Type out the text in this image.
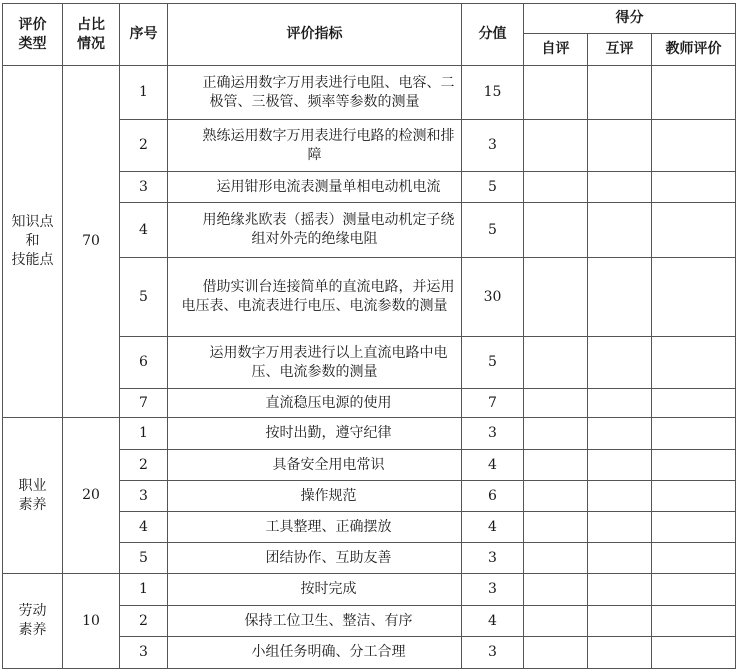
评价
类型	占比
情况	序号	评价指标	分值	得分		
					自评	互评	教师评价
知识点
和
技能点	70	1	正确运用数字万用表进行电阻、电容、二极管、三极管、频率等参数的测量	15			
		2	熟练运用数字万用表进行电路的检测和排障	3			
		3	运用钳形电流表测量单相电动机电流	5			
		4	用绝缘兆欧表（摇表）测量电动机定子绕组对外壳的绝缘电阻	5			
		5	借助实训台连接简单的直流电路，并运用电压表、电流表进行电压、电流参数的测量	30			
		6	运用数字万用表进行以上直流电路中电压、电流参数的测量	5			
		7	直流稳压电源的使用	7			
职业
素养	20	1	按时出勤，遵守纪律	3			
		2	具备安全用电常识	4			
		3	操作规范	6			
		4	工具整理、正确摆放	4			
		5	团结协作、互助友善	3			
劳动
素养	10	1	按时完成	3			
		2	保持工位卫生、整洁、有序	4			
		3	小组任务明确、分工合理	3			
